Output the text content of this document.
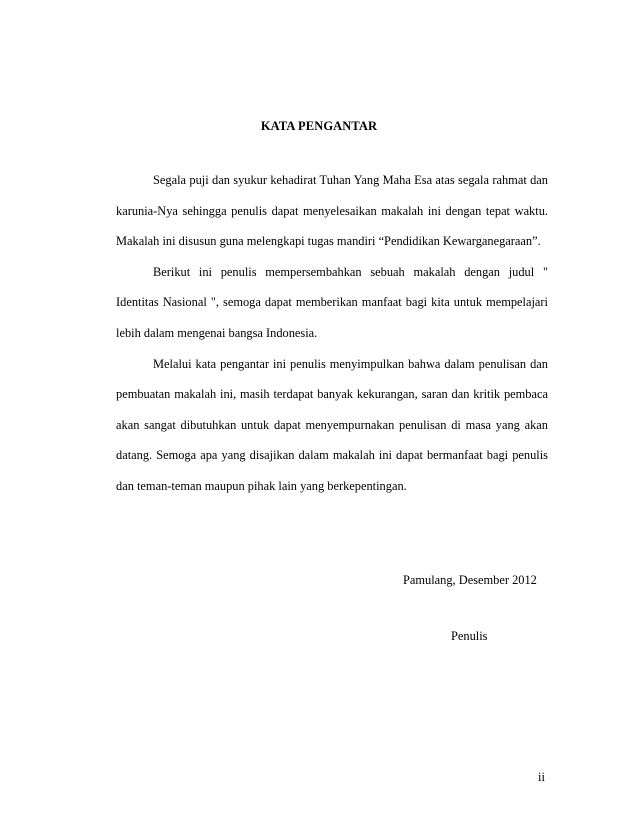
KATA PENGANTAR

Segala puji dan syukur kehadirat Tuhan Yang Maha Esa atas segala rahmat dan karunia-Nya sehingga penulis dapat menyelesaikan makalah ini dengan tepat waktu. Makalah ini disusun guna melengkapi tugas mandiri “Pendidikan Kewarganegaraan”.

Berikut ini penulis mempersembahkan sebuah makalah dengan judul " Identitas Nasional ", semoga dapat memberikan manfaat bagi kita untuk mempelajari lebih dalam mengenai bangsa Indonesia.

Melalui kata pengantar ini penulis menyimpulkan bahwa dalam penulisan dan pembuatan makalah ini, masih terdapat banyak kekurangan, saran dan kritik pembaca akan sangat dibutuhkan untuk dapat menyempurnakan penulisan di masa yang akan datang. Semoga apa yang disajikan dalam makalah ini dapat bermanfaat bagi penulis dan teman-teman maupun pihak lain yang berkepentingan.

Pamulang, Desember 2012

Penulis

ii
